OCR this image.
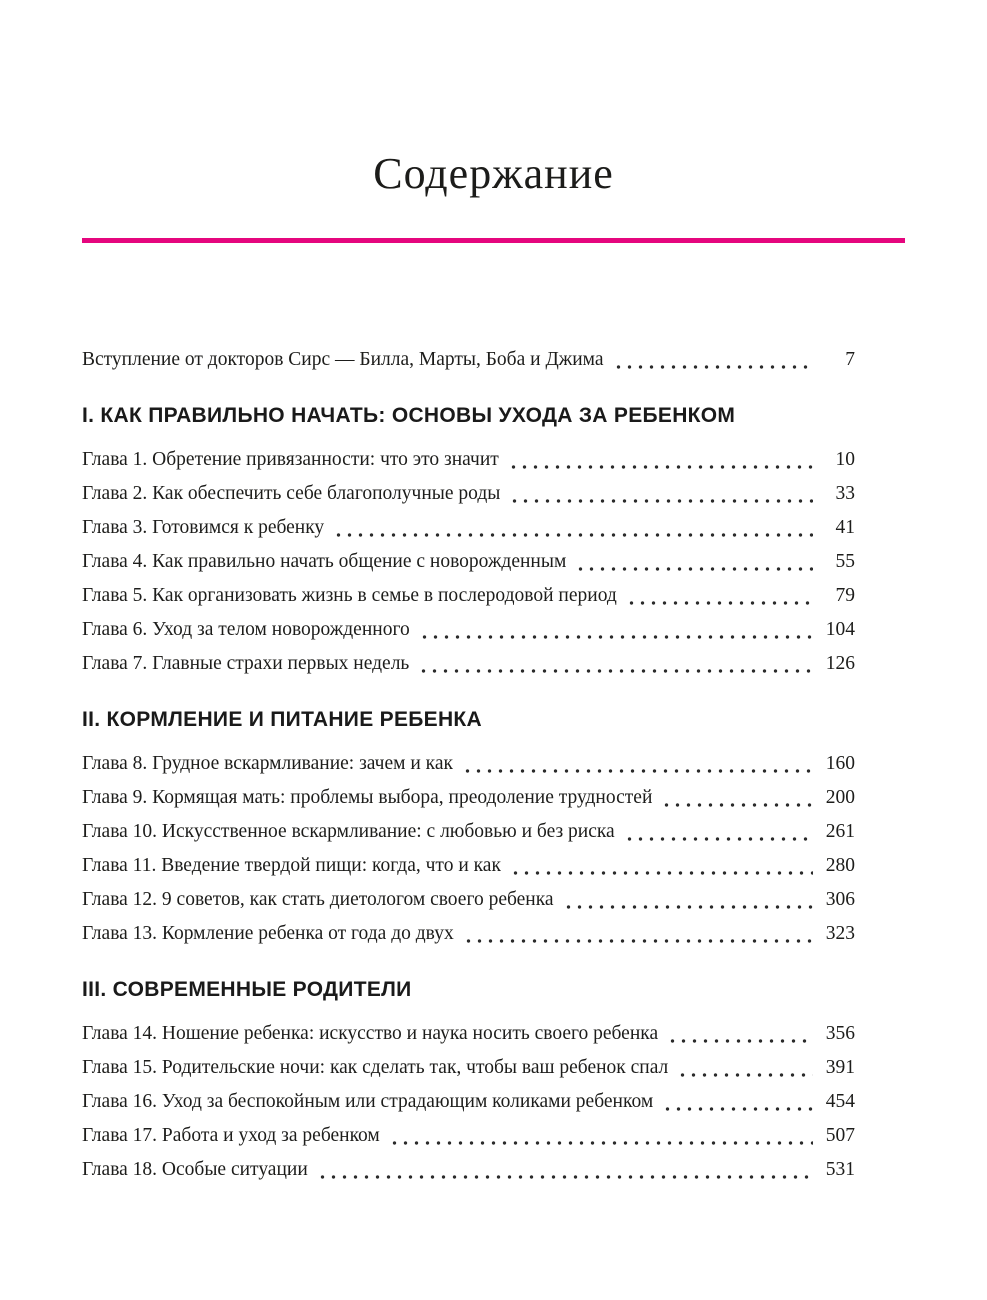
Содержание
Вступление от докторов Сирс — Билла, Марты, Боба и Джима	7
I. КАК ПРАВИЛЬНО НАЧАТЬ: ОСНОВЫ УХОДА ЗА РЕБЕНКОМ
Глава 1. Обретение привязанности: что это значит	10
Глава 2. Как обеспечить себе благополучные роды	33
Глава 3. Готовимся к ребенку	41
Глава 4. Как правильно начать общение с новорожденным	55
Глава 5. Как организовать жизнь в семье в послеродовой период	79
Глава 6. Уход за телом новорожденного	104
Глава 7. Главные страхи первых недель	126
II. КОРМЛЕНИЕ И ПИТАНИЕ РЕБЕНКА
Глава 8. Грудное вскармливание: зачем и как	160
Глава 9. Кормящая мать: проблемы выбора, преодоление трудностей	200
Глава 10. Искусственное вскармливание: с любовью и без риска	261
Глава 11. Введение твердой пищи: когда, что и как	280
Глава 12. 9 советов, как стать диетологом своего ребенка	306
Глава 13. Кормление ребенка от года до двух	323
III. СОВРЕМЕННЫЕ РОДИТЕЛИ
Глава 14. Ношение ребенка: искусство и наука носить своего ребенка	356
Глава 15. Родительские ночи: как сделать так, чтобы ваш ребенок спал	391
Глава 16. Уход за беспокойным или страдающим коликами ребенком	454
Глава 17. Работа и уход за ребенком	507
Глава 18. Особые ситуации	531
